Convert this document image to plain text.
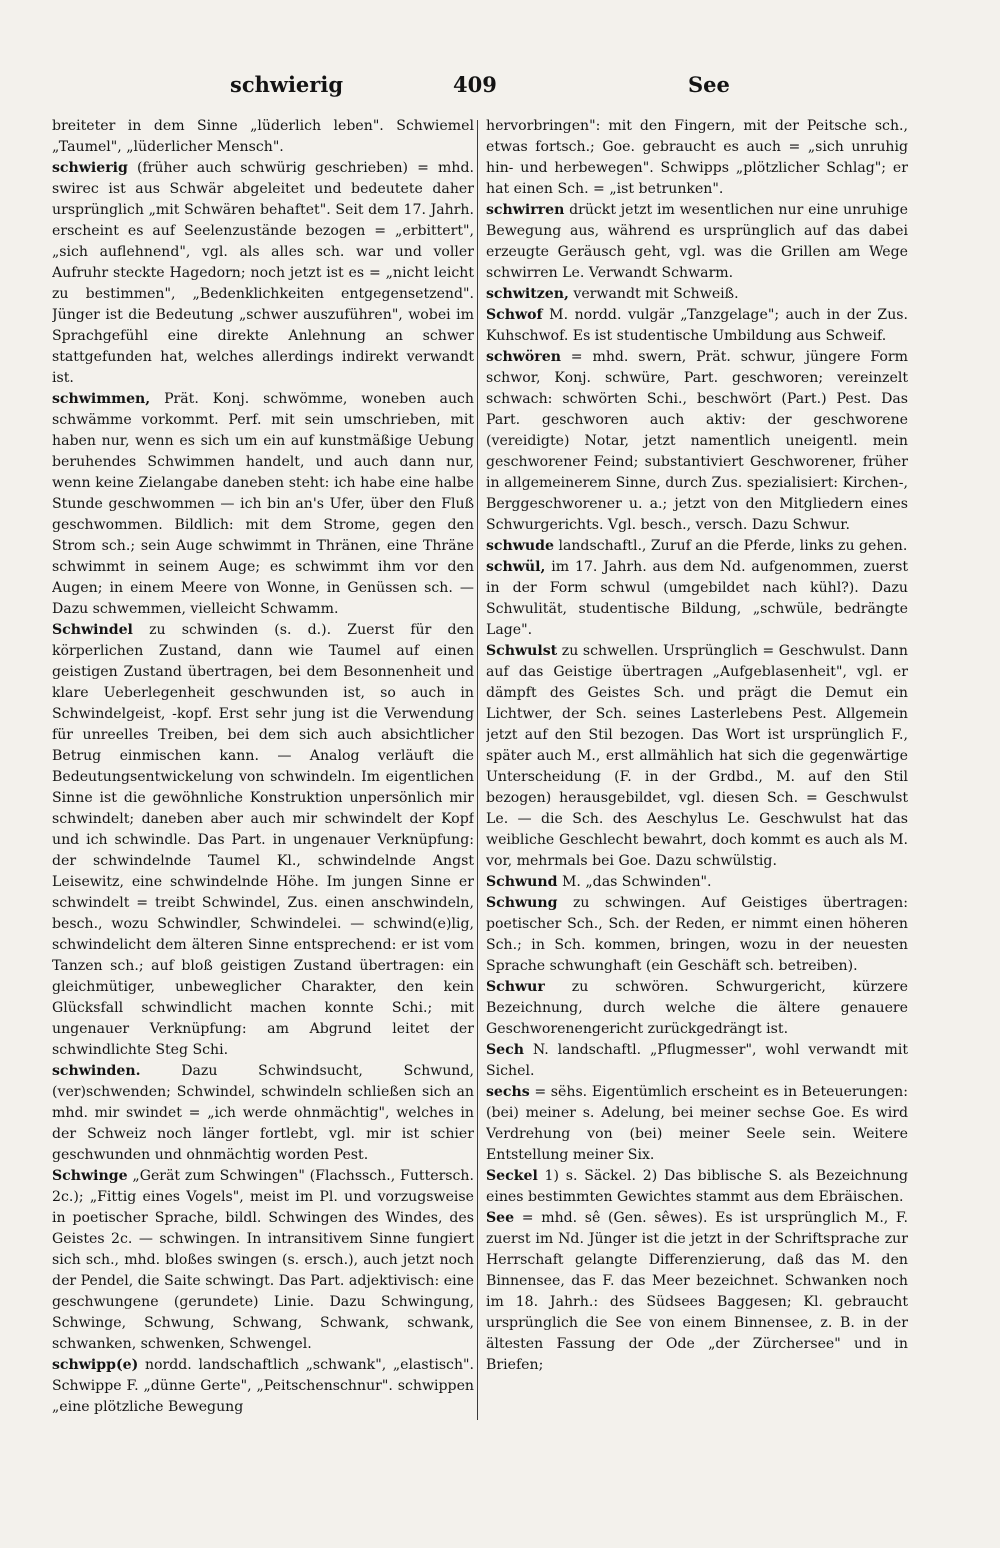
schwierig	409	See

breiteter in dem Sinne „lüderlich leben". Schwiemel „Taumel", „lüderlicher Mensch".

schwierig (früher auch schwürig geschrieben) = mhd. swirec ist aus Schwär abgeleitet und bedeutete daher ursprünglich „mit Schwären behaftet". Seit dem 17. Jahrh. erscheint es auf Seelenzustände bezogen = „erbittert", „sich auflehnend", vgl. als alles sch. war und voller Aufruhr steckte Hagedorn; noch jetzt ist es = „nicht leicht zu bestimmen", „Bedenklichkeiten entgegensetzend". Jünger ist die Bedeutung „schwer auszuführen", wobei im Sprachgefühl eine direkte Anlehnung an schwer stattgefunden hat, welches allerdings indirekt verwandt ist.

schwimmen, Prät. Konj. schwömme, woneben auch schwämme vorkommt. Perf. mit sein umschrieben, mit haben nur, wenn es sich um ein auf kunstmäßige Uebung beruhendes Schwimmen handelt, und auch dann nur, wenn keine Zielangabe daneben steht: ich habe eine halbe Stunde geschwommen — ich bin an's Ufer, über den Fluß geschwommen. Bildlich: mit dem Strome, gegen den Strom sch.; sein Auge schwimmt in Thränen, eine Thräne schwimmt in seinem Auge; es schwimmt ihm vor den Augen; in einem Meere von Wonne, in Genüssen sch. — Dazu schwemmen, vielleicht Schwamm.

Schwindel zu schwinden (s. d.). Zuerst für den körperlichen Zustand, dann wie Taumel auf einen geistigen Zustand übertragen, bei dem Besonnenheit und klare Ueberlegenheit geschwunden ist, so auch in Schwindelgeist, -kopf. Erst sehr jung ist die Verwendung für unreelles Treiben, bei dem sich auch absichtlicher Betrug einmischen kann. — Analog verläuft die Bedeutungsentwickelung von schwindeln. Im eigentlichen Sinne ist die gewöhnliche Konstruktion unpersönlich mir schwindelt; daneben aber auch mir schwindelt der Kopf und ich schwindle. Das Part. in ungenauer Verknüpfung: der schwindelnde Taumel Kl., schwindelnde Angst Leisewitz, eine schwindelnde Höhe. Im jungen Sinne er schwindelt = treibt Schwindel, Zus. einen anschwindeln, besch., wozu Schwindler, Schwindelei. — schwind(e)lig, schwindelicht dem älteren Sinne entsprechend: er ist vom Tanzen sch.; auf bloß geistigen Zustand übertragen: ein gleichmütiger, unbeweglicher Charakter, den kein Glücksfall schwindlicht machen konnte Schi.; mit ungenauer Verknüpfung: am Abgrund leitet der schwindlichte Steg Schi.

schwinden. Dazu Schwindsucht, Schwund, (ver)schwenden; Schwindel, schwindeln schließen sich an mhd. mir swindet = „ich werde ohnmächtig", welches in der Schweiz noch länger fortlebt, vgl. mir ist schier geschwunden und ohnmächtig worden Pest.

Schwinge „Gerät zum Schwingen" (Flachssch., Futtersch. 2c.); „Fittig eines Vogels", meist im Pl. und vorzugsweise in poetischer Sprache, bildl. Schwingen des Windes, des Geistes 2c. — schwingen. In intransitivem Sinne fungiert sich sch., mhd. bloßes swingen (s. ersch.), auch jetzt noch der Pendel, die Saite schwingt. Das Part. adjektivisch: eine geschwungene (gerundete) Linie. Dazu Schwingung, Schwinge, Schwung, Schwang, Schwank, schwank, schwanken, schwenken, Schwengel.

schwipp(e) nordd. landschaftlich „schwank", „elastisch". Schwippe F. „dünne Gerte", „Peitschenschnur". schwippen „eine plötzliche Bewegung

hervorbringen": mit den Fingern, mit der Peitsche sch., etwas fortsch.; Goe. gebraucht es auch = „sich unruhig hin- und herbewegen". Schwipps „plötzlicher Schlag"; er hat einen Sch. = „ist betrunken".

schwirren drückt jetzt im wesentlichen nur eine unruhige Bewegung aus, während es ursprünglich auf das dabei erzeugte Geräusch geht, vgl. was die Grillen am Wege schwirren Le. Verwandt Schwarm.

schwitzen, verwandt mit Schweiß.

Schwof M. nordd. vulgär „Tanzgelage"; auch in der Zus. Kuhschwof. Es ist studentische Umbildung aus Schweif.

schwören = mhd. swern, Prät. schwur, jüngere Form schwor, Konj. schwüre, Part. geschworen; vereinzelt schwach: schwörten Schi., beschwört (Part.) Pest. Das Part. geschworen auch aktiv: der geschworene (vereidigte) Notar, jetzt namentlich uneigentl. mein geschworener Feind; substantiviert Geschworener, früher in allgemeinerem Sinne, durch Zus. spezialisiert: Kirchen-, Berggeschworener u. a.; jetzt von den Mitgliedern eines Schwurgerichts. Vgl. besch., versch. Dazu Schwur.

schwude landschaftl., Zuruf an die Pferde, links zu gehen.

schwül, im 17. Jahrh. aus dem Nd. aufgenommen, zuerst in der Form schwul (umgebildet nach kühl?). Dazu Schwulität, studentische Bildung, „schwüle, bedrängte Lage".

Schwulst zu schwellen. Ursprünglich = Geschwulst. Dann auf das Geistige übertragen „Aufgeblasenheit", vgl. er dämpft des Geistes Sch. und prägt die Demut ein Lichtwer, der Sch. seines Lasterlebens Pest. Allgemein jetzt auf den Stil bezogen. Das Wort ist ursprünglich F., später auch M., erst allmählich hat sich die gegenwärtige Unterscheidung (F. in der Grdbd., M. auf den Stil bezogen) herausgebildet, vgl. diesen Sch. = Geschwulst Le. — die Sch. des Aeschylus Le. Geschwulst hat das weibliche Geschlecht bewahrt, doch kommt es auch als M. vor, mehrmals bei Goe. Dazu schwülstig.

Schwund M. „das Schwinden".

Schwung zu schwingen. Auf Geistiges übertragen: poetischer Sch., Sch. der Reden, er nimmt einen höheren Sch.; in Sch. kommen, bringen, wozu in der neuesten Sprache schwunghaft (ein Geschäft sch. betreiben).

Schwur zu schwören. Schwurgericht, kürzere Bezeichnung, durch welche die ältere genauere Geschworenengericht zurückgedrängt ist.

Sech N. landschaftl. „Pflugmesser", wohl verwandt mit Sichel.

sechs = sëhs. Eigentümlich erscheint es in Beteuerungen: (bei) meiner s. Adelung, bei meiner sechse Goe. Es wird Verdrehung von (bei) meiner Seele sein. Weitere Entstellung meiner Six.

Seckel 1) s. Säckel. 2) Das biblische S. als Bezeichnung eines bestimmten Gewichtes stammt aus dem Ebräischen.

See = mhd. sê (Gen. sêwes). Es ist ursprünglich M., F. zuerst im Nd. Jünger ist die jetzt in der Schriftsprache zur Herrschaft gelangte Differenzierung, daß das M. den Binnensee, das F. das Meer bezeichnet. Schwanken noch im 18. Jahrh.: des Südsees Baggesen; Kl. gebraucht ursprünglich die See von einem Binnensee, z. B. in der ältesten Fassung der Ode „der Zürchersee" und in Briefen;
